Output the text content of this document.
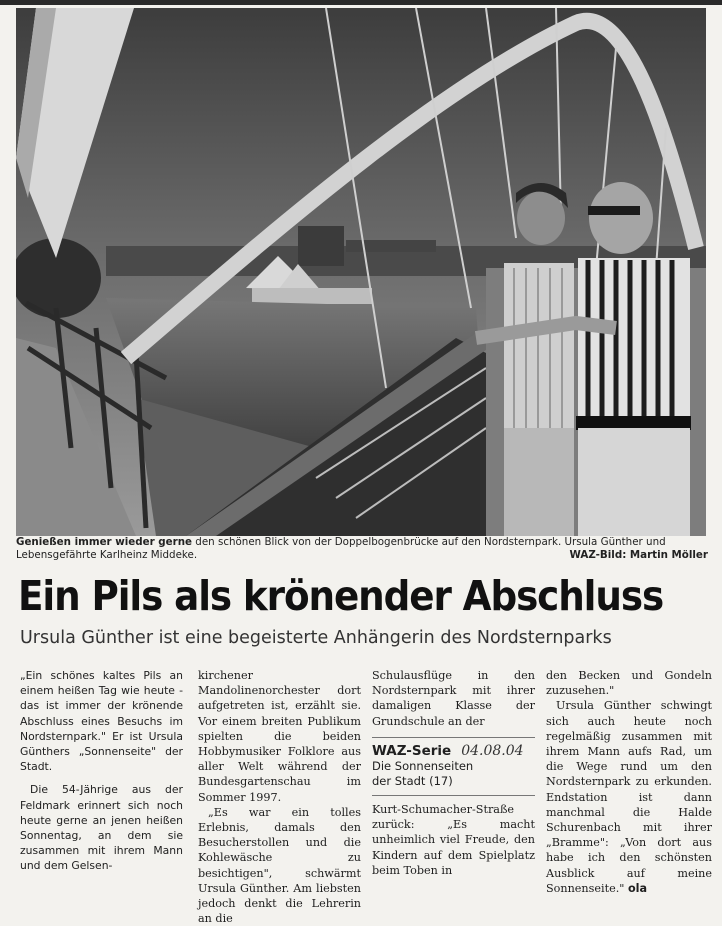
Genießen immer wieder gerne den schönen Blick von der Doppelbogenbrücke auf den Nordsternpark. Ursula Günther und Lebensgefährte Karlheinz Middeke.	WAZ-Bild: Martin Möller
Ein Pils als krönender Abschluss
Ursula Günther ist eine begeisterte Anhängerin des Nordsternparks

„Ein schönes kaltes Pils an einem heißen Tag wie heute - das ist immer der krönende Abschluss eines Besuchs im Nordsternpark." Er ist Ursula Günthers „Sonnenseite" der Stadt.

Die 54-Jährige aus der Feldmark erinnert sich noch heute gerne an jenen heißen Sonnentag, an dem sie zusammen mit ihrem Mann und dem Gelsen-

kirchener Mandolinenorchester dort aufgetreten ist, erzählt sie. Vor einem breiten Publikum spielten die beiden Hobbymusiker Folklore aus aller Welt während der Bundesgartenschau im Sommer 1997.

„Es war ein tolles Erlebnis, damals den Besucherstollen und die Kohlewäsche zu besichtigen", schwärmt Ursula Günther. Am liebsten jedoch denkt die Lehrerin an die

Schulausflüge in den Nordsternpark mit ihrer damaligen Klasse der Grundschule an der

WAZ-Serie 04.08.04
Die Sonnenseiten
der Stadt (17)

Kurt-Schumacher-Straße zurück: „Es macht unheimlich viel Freude, den Kindern auf dem Spielplatz beim Toben in

den Becken und Gondeln zuzusehen."

Ursula Günther schwingt sich auch heute noch regelmäßig zusammen mit ihrem Mann aufs Rad, um die Wege rund um den Nordsternpark zu erkunden. Endstation ist dann manchmal die Halde Schurenbach mit ihrer „Bramme": „Von dort aus habe ich den schönsten Ausblick auf meine Sonnenseite." ola
